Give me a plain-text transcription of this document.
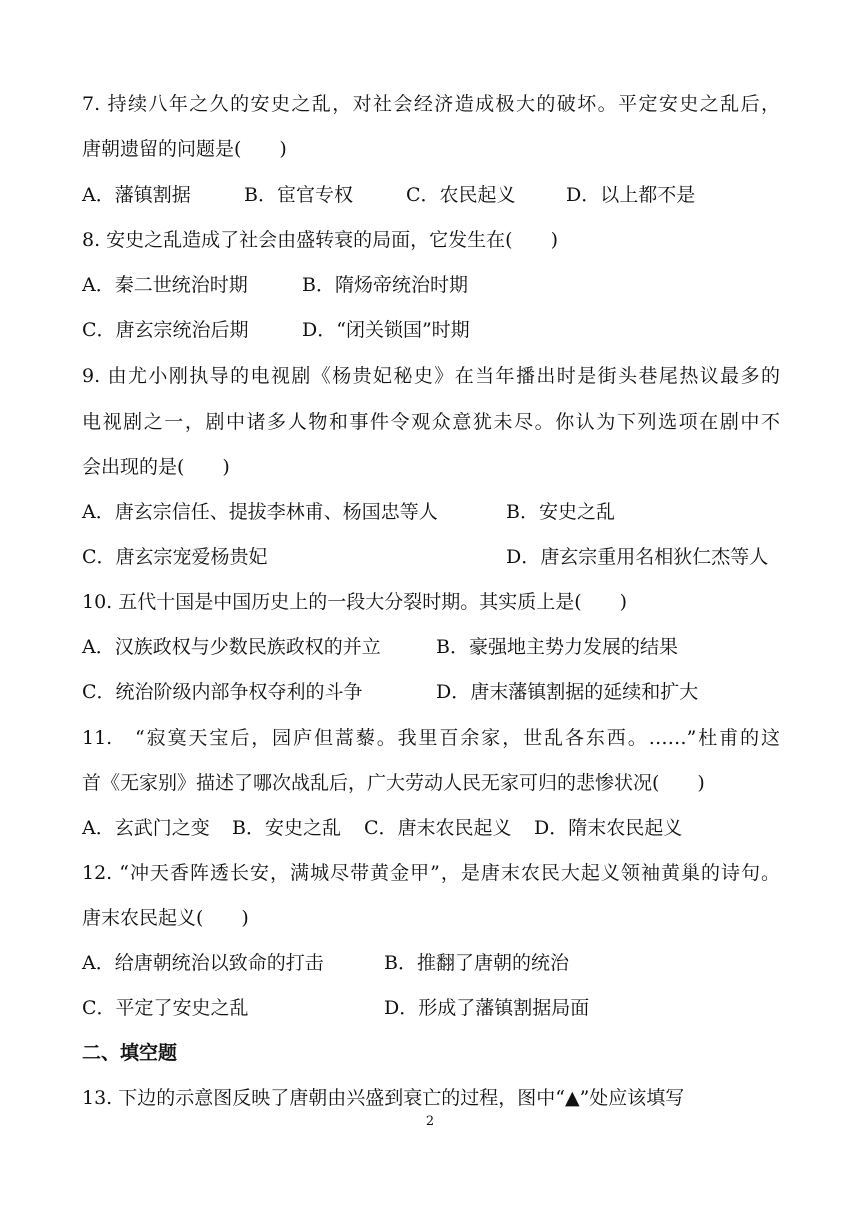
7. 持续八年之久的安史之乱，对社会经济造成极大的破坏。平定安史之乱后，
唐朝遗留的问题是(　　)
A．藩镇割据	B．宦官专权	C．农民起义	D．以上都不是
8. 安史之乱造成了社会由盛转衰的局面，它发生在(　　)
A．秦二世统治时期	B．隋炀帝统治时期
C．唐玄宗统治后期	D．“闭关锁国”时期
9. 由尤小刚执导的电视剧《杨贵妃秘史》在当年播出时是街头巷尾热议最多的
电视剧之一，剧中诸多人物和事件令观众意犹未尽。你认为下列选项在剧中不
会出现的是(　　)
A．唐玄宗信任、提拔李林甫、杨国忠等人	B．安史之乱
C．唐玄宗宠爱杨贵妃	D．唐玄宗重用名相狄仁杰等人
10. 五代十国是中国历史上的一段大分裂时期。其实质上是(　　)
A．汉族政权与少数民族政权的并立	B．豪强地主势力发展的结果
C．统治阶级内部争权夺利的斗争	D．唐末藩镇割据的延续和扩大
11.　“寂寞天宝后，园庐但蒿藜。我里百余家，世乱各东西。……”杜甫的这
首《无家别》描述了哪次战乱后，广大劳动人民无家可归的悲惨状况(　　)
A．玄武门之变 B．安史之乱 C．唐末农民起义 D．隋末农民起义
12. “冲天香阵透长安，满城尽带黄金甲”，是唐末农民大起义领袖黄巢的诗句。
唐末农民起义(　　)
A．给唐朝统治以致命的打击	B．推翻了唐朝的统治
C．平定了安史之乱	D．形成了藩镇割据局面
二、填空题
13. 下边的示意图反映了唐朝由兴盛到衰亡的过程，图中“▲”处应该填写
2
